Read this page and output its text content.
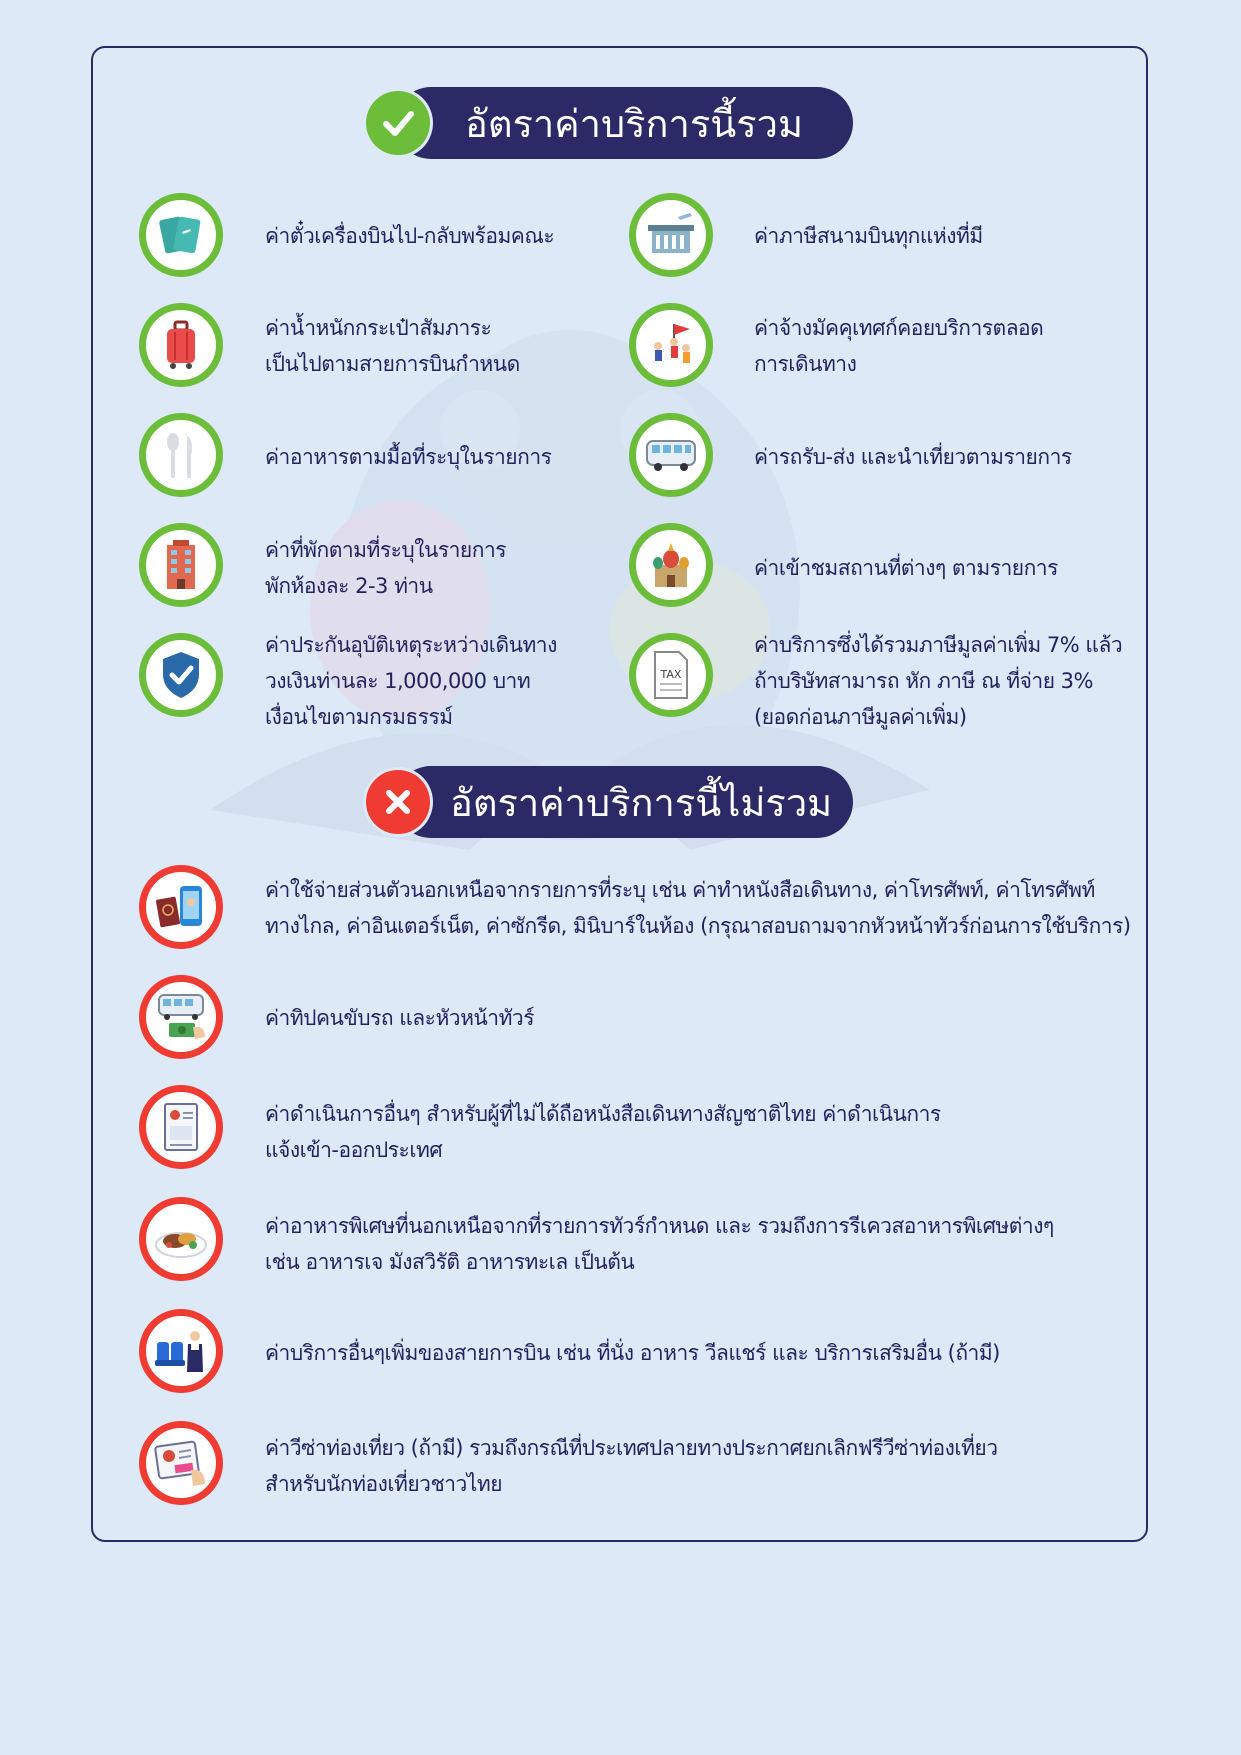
อัตราค่าบริการนี้รวม
ค่าตั๋วเครื่องบินไป-กลับพร้อมคณะ
ค่าน้ำหนักกระเป๋าสัมภาระ
เป็นไปตามสายการบินกำหนด
ค่าอาหารตามมื้อที่ระบุในรายการ
ค่าที่พักตามที่ระบุในรายการ
พักห้องละ 2-3 ท่าน
ค่าประกันอุบัติเหตุระหว่างเดินทาง
วงเงินท่านละ 1,000,000 บาท
เงื่อนไขตามกรมธรรม์
ค่าภาษีสนามบินทุกแห่งที่มี
ค่าจ้างมัคคุเทศก์คอยบริการตลอด
การเดินทาง
ค่ารถรับ-ส่ง และนำเที่ยวตามรายการ
ค่าเข้าชมสถานที่ต่างๆ ตามรายการ
TAX
ค่าบริการซึ่งได้รวมภาษีมูลค่าเพิ่ม 7% แล้ว
ถ้าบริษัทสามารถ หัก ภาษี ณ ที่จ่าย 3%
(ยอดก่อนภาษีมูลค่าเพิ่ม)
อัตราค่าบริการนี้ไม่รวม
ค่าใช้จ่ายส่วนตัวนอกเหนือจากรายการที่ระบุ เช่น ค่าทำหนังสือเดินทาง, ค่าโทรศัพท์, ค่าโทรศัพท์
ทางไกล, ค่าอินเตอร์เน็ต, ค่าซักรีด, มินิบาร์ในห้อง (กรุณาสอบถามจากหัวหน้าทัวร์ก่อนการใช้บริการ)
ค่าทิปคนขับรถ และหัวหน้าทัวร์
ค่าดำเนินการอื่นๆ สำหรับผู้ที่ไม่ได้ถือหนังสือเดินทางสัญชาติไทย ค่าดำเนินการ
แจ้งเข้า-ออกประเทศ
ค่าอาหารพิเศษที่นอกเหนือจากที่รายการทัวร์กำหนด และ รวมถึงการรีเควสอาหารพิเศษต่างๆ
เช่น อาหารเจ มังสวิรัติ อาหารทะเล เป็นต้น
ค่าบริการอื่นๆเพิ่มของสายการบิน เช่น ที่นั่ง อาหาร วีลแชร์ และ บริการเสริมอื่น (ถ้ามี)
ค่าวีซ่าท่องเที่ยว (ถ้ามี) รวมถึงกรณีที่ประเทศปลายทางประกาศยกเลิกฟรีวีซ่าท่องเที่ยว
สำหรับนักท่องเที่ยวชาวไทย
